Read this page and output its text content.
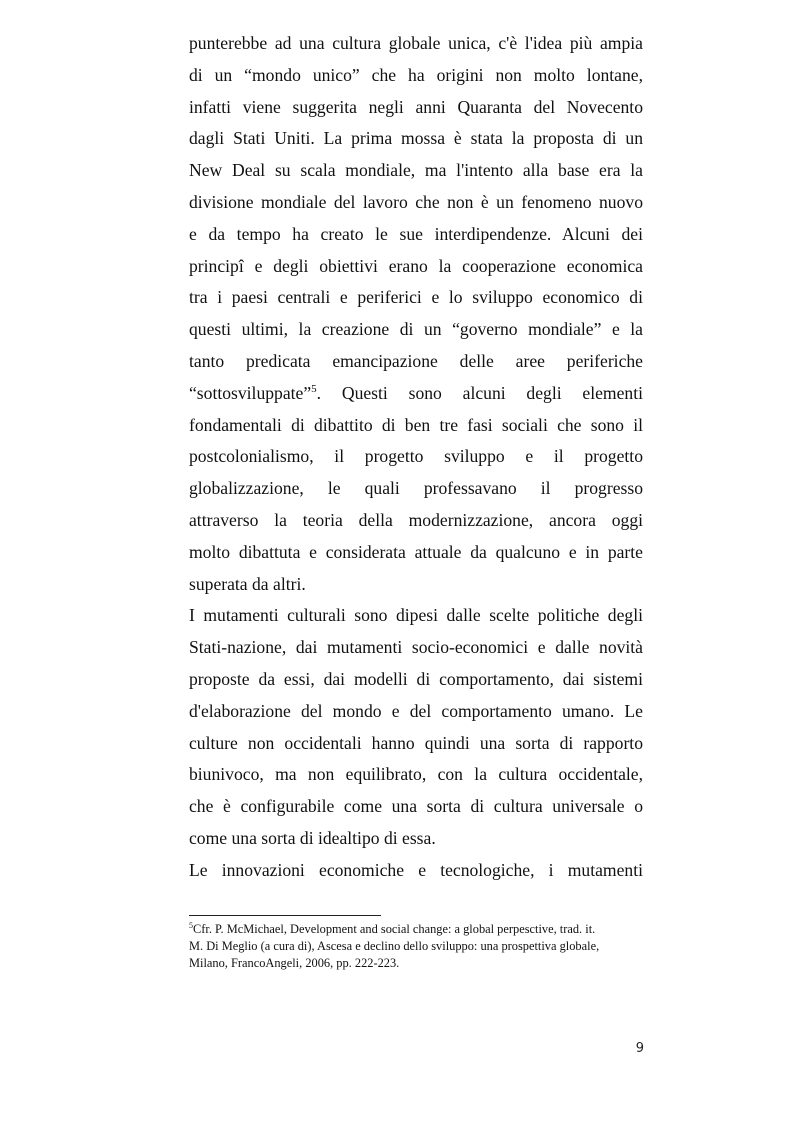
punterebbe ad una cultura globale unica, c'è l'idea più ampia
di un “mondo unico” che ha origini non molto lontane,
infatti viene suggerita negli anni Quaranta del Novecento
dagli Stati Uniti. La prima mossa è stata la proposta di un
New Deal su scala mondiale, ma l'intento alla base era la
divisione mondiale del lavoro che non è un fenomeno nuovo
e da tempo ha creato le sue interdipendenze. Alcuni dei
principî e degli obiettivi erano la cooperazione economica
tra i paesi centrali e periferici e lo sviluppo economico di
questi ultimi, la creazione di un “governo mondiale” e la
tanto predicata emancipazione delle aree periferiche
“sottosviluppate”$^5$. Questi sono alcuni degli elementi
fondamentali di dibattito di ben tre fasi sociali che sono il
postcolonialismo, il progetto sviluppo e il progetto
globalizzazione, le quali professavano il progresso
attraverso la teoria della modernizzazione, ancora oggi
molto dibattuta e considerata attuale da qualcuno e in parte
superata da altri.
I mutamenti culturali sono dipesi dalle scelte politiche degli
Stati-nazione, dai mutamenti socio-economici e dalle novità
proposte da essi, dai modelli di comportamento, dai sistemi
d'elaborazione del mondo e del comportamento umano. Le
culture non occidentali hanno quindi una sorta di rapporto
biunivoco, ma non equilibrato, con la cultura occidentale,
che è configurabile come una sorta di cultura universale o
come una sorta di idealtipo di essa.
Le innovazioni economiche e tecnologiche, i mutamenti
$^5$Cfr. P. McMichael, Development and social change: a global perpesctive, trad. it.
M. Di Meglio (a cura di), Ascesa e declino dello sviluppo: una prospettiva globale,
Milano, FrancoAngeli, 2006, pp. 222-223.
9
